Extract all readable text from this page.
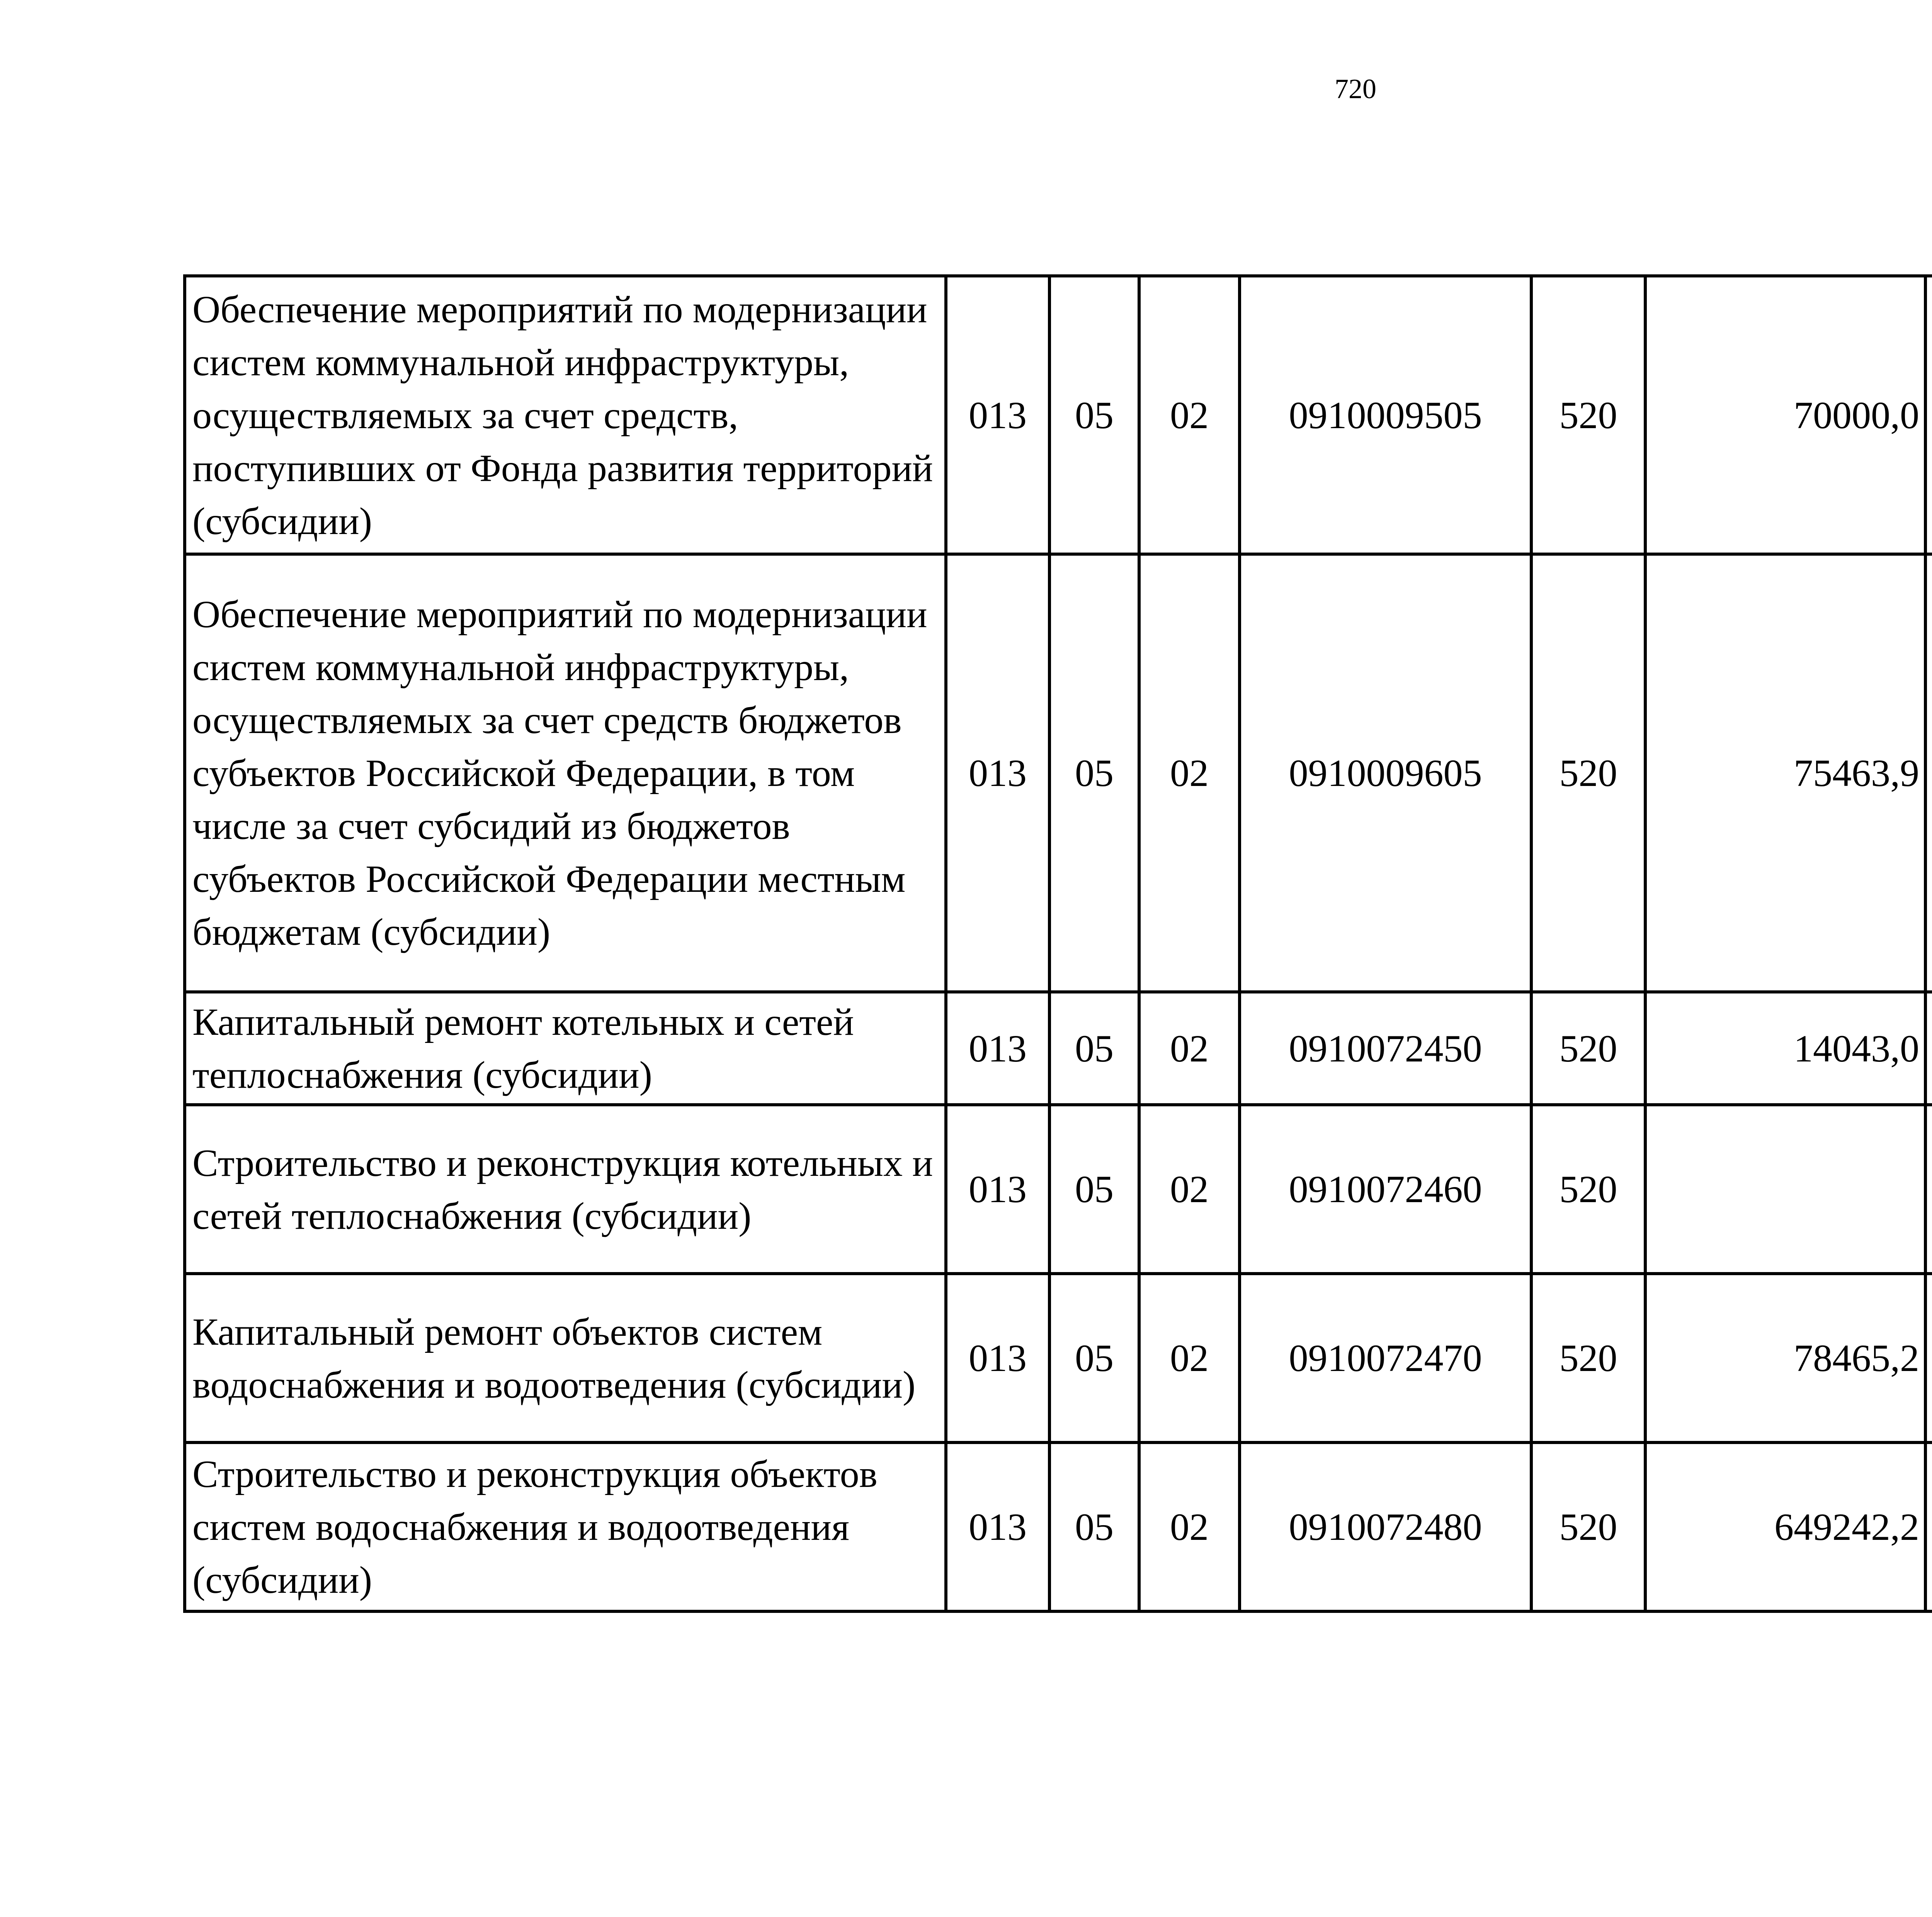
720
Обеспечение мероприятий по модернизации систем коммунальной инфраструктуры, осуществляемых за счет средств, поступивших от Фонда развития территорий (субсидии)	013	05	02	0910009505	520	70000,0		
Обеспечение мероприятий по модернизации систем коммунальной инфраструктуры, осуществляемых за счет средств бюджетов субъектов Российской Федерации, в том числе за счет субсидий из бюджетов субъектов Российской Федерации местным бюджетам (субсидии)	013	05	02	0910009605	520	75463,9		
Капитальный ремонт котельных и сетей теплоснабжения (субсидии)	013	05	02	0910072450	520	14043,0		
Строительство и реконструкция котельных и сетей теплоснабжения (субсидии)	013	05	02	0910072460	520			
Капитальный ремонт объектов систем водоснабжения и водоотведения (субсидии)	013	05	02	0910072470	520	78465,2		
Строительство и реконструкция объектов систем водоснабжения и водоотведения (субсидии)	013	05	02	0910072480	520	649242,2		
